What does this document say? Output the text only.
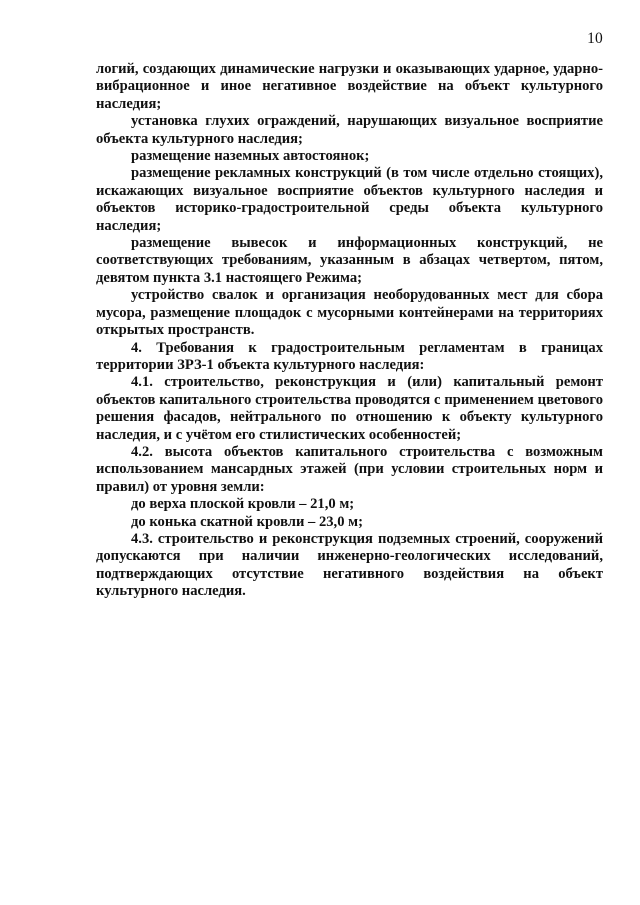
10

логий, создающих динамические нагрузки и оказывающих ударное, ударно-вибрационное и иное негативное воздействие на объект культурного наследия;

установка глухих ограждений, нарушающих визуальное восприятие объекта культурного наследия;

размещение наземных автостоянок;

размещение рекламных конструкций (в том числе отдельно стоящих), искажающих визуальное восприятие объектов культурного наследия и объектов историко-градостроительной среды объекта культурного наследия;

размещение вывесок и информационных конструкций, не соответствующих требованиям, указанным в абзацах четвертом, пятом, девятом пункта 3.1 настоящего Режима;

устройство свалок и организация необорудованных мест для сбора мусора, размещение площадок с мусорными контейнерами на территориях открытых пространств.

4. Требования к градостроительным регламентам в границах территории ЗРЗ-1 объекта культурного наследия:

4.1. строительство, реконструкция и (или) капитальный ремонт объектов капитального строительства проводятся с применением цветового решения фасадов, нейтрального по отношению к объекту культурного наследия, и с учётом его стилистических особенностей;

4.2. высота объектов капитального строительства с возможным использованием мансардных этажей (при условии строительных норм и правил) от уровня земли:

до верха плоской кровли – 21,0 м;

до конька скатной кровли – 23,0 м;

4.3. строительство и реконструкция подземных строений, сооружений допускаются при наличии инженерно-геологических исследований, подтверждающих отсутствие негативного воздействия на объект культурного наследия.
